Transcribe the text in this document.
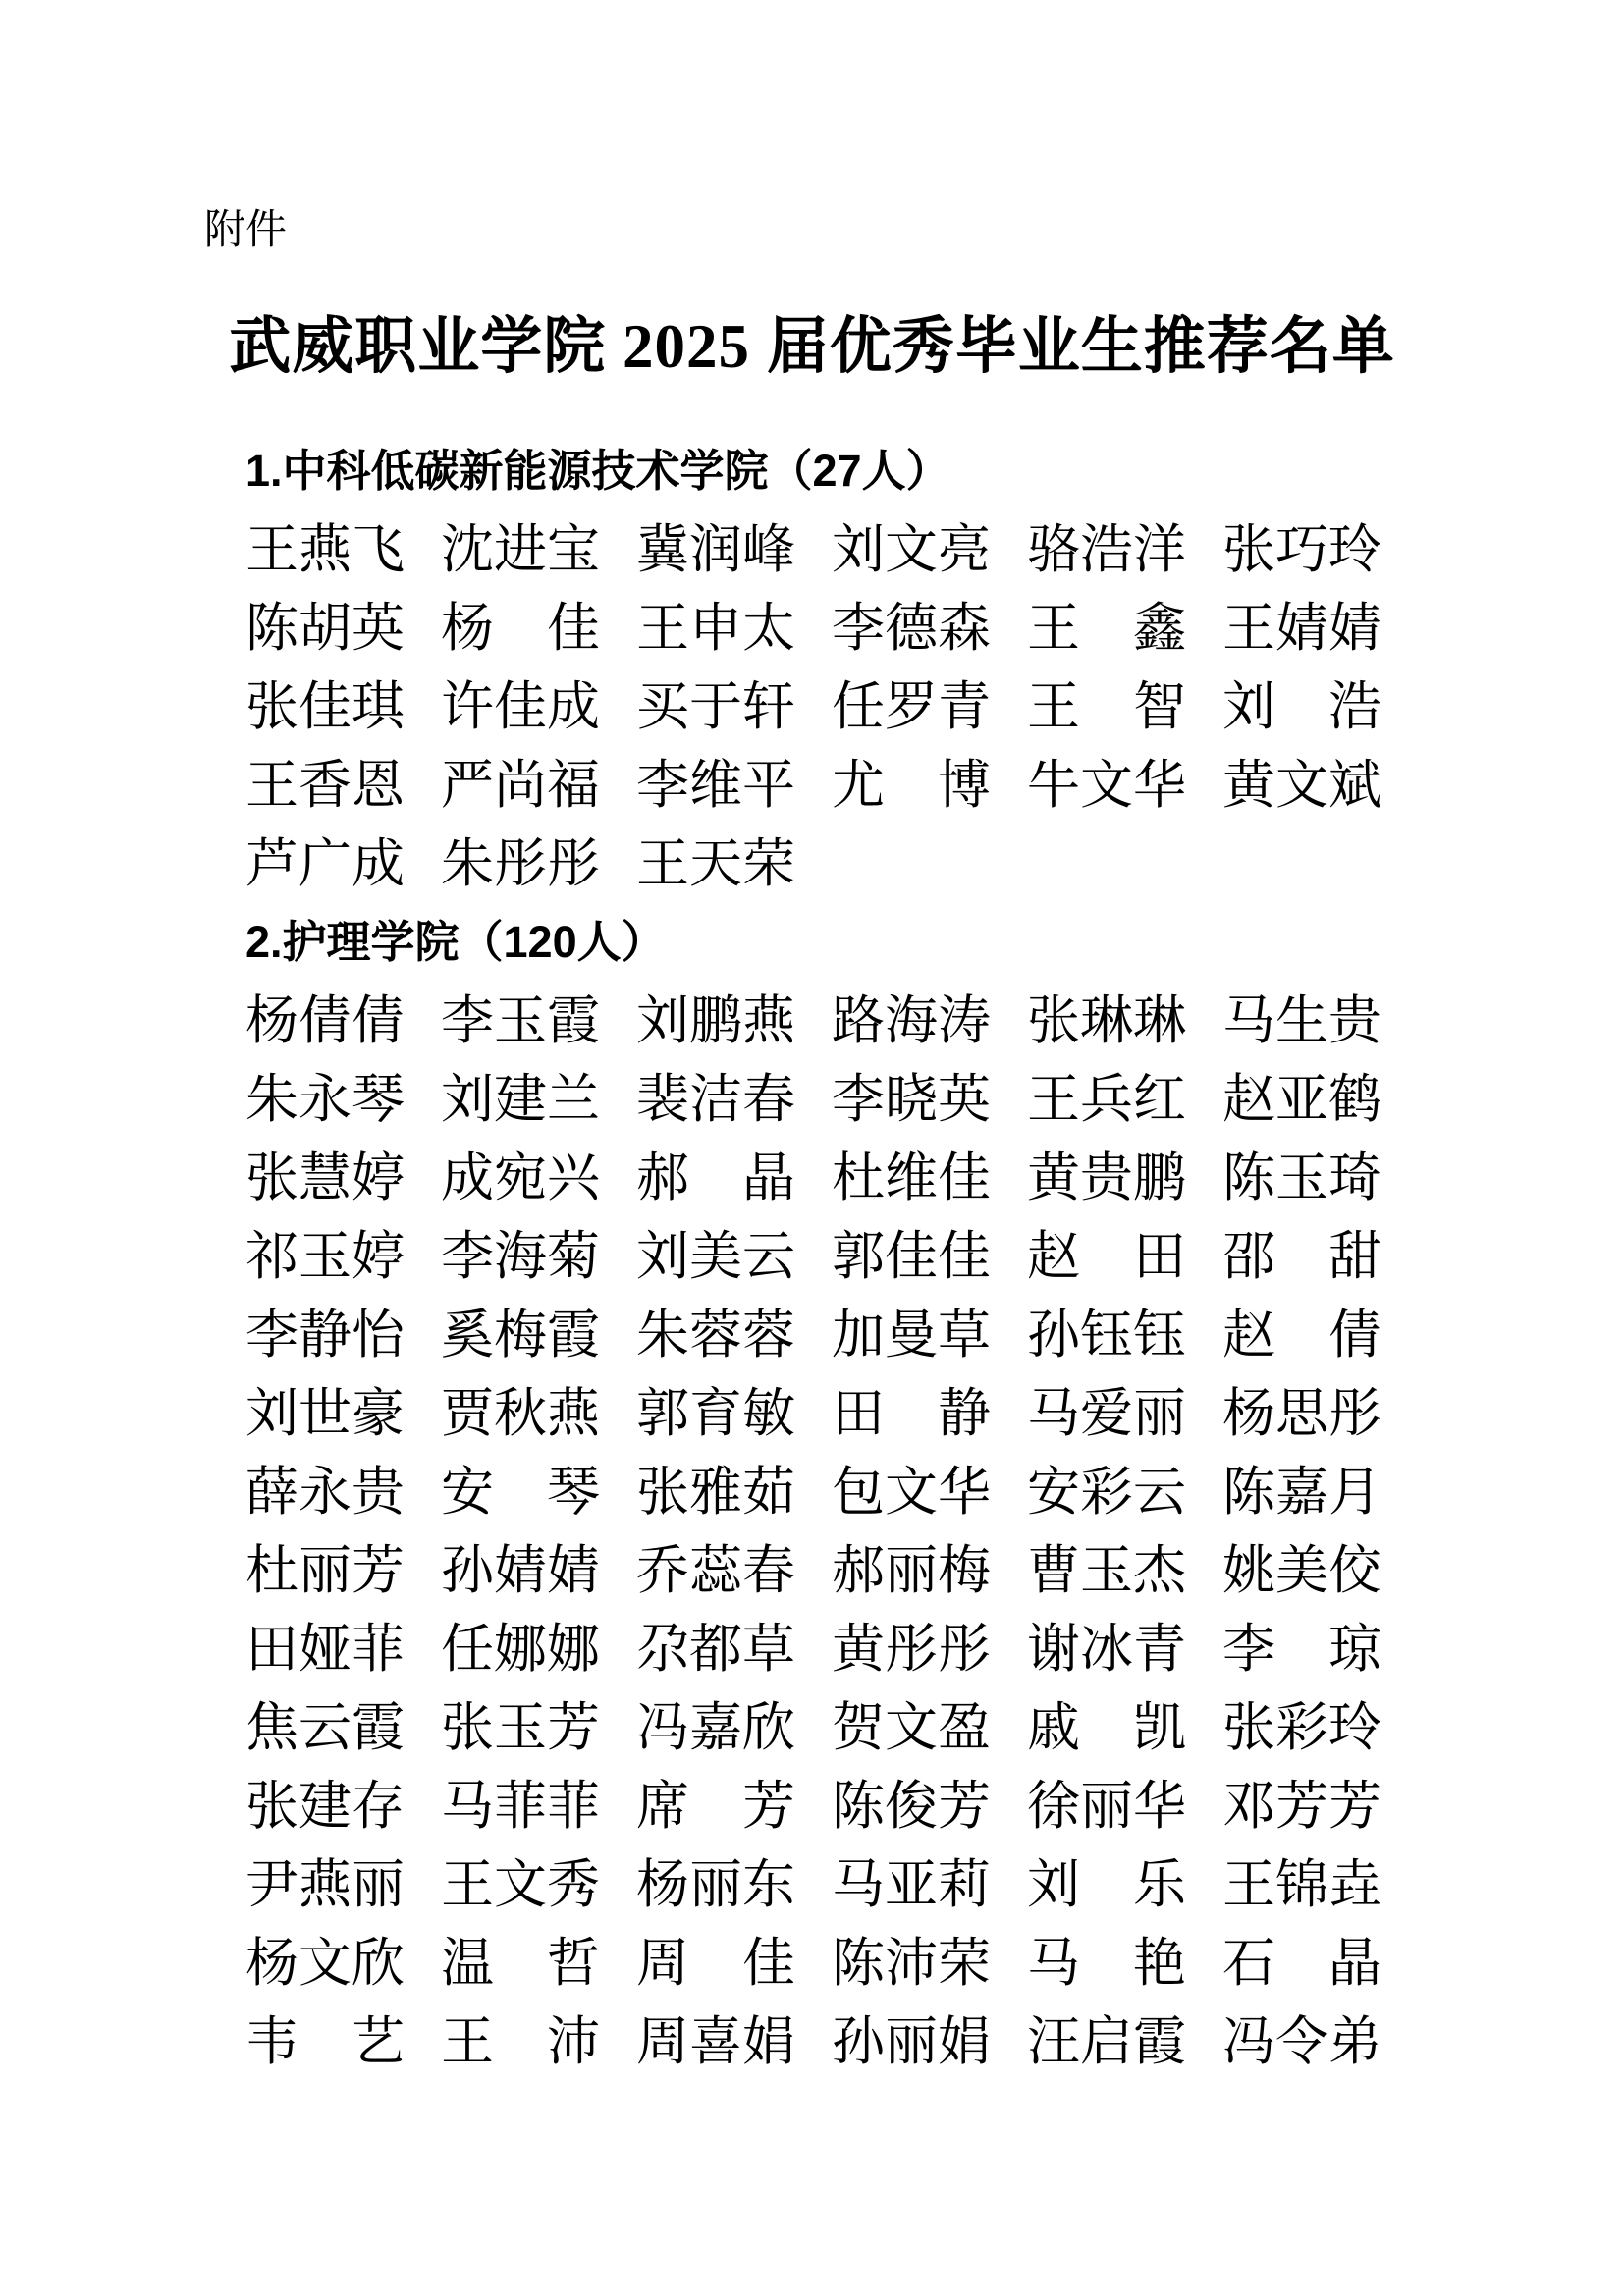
附件
武威职业学院 2025 届优秀毕业生推荐名单
1.中科低碳新能源技术学院（27人）
王燕飞 沈进宝 冀润峰 刘文亮 骆浩洋 张巧玲
陈胡英 杨　佳 王申太 李德森 王　鑫 王婧婧
张佳琪 许佳成 买于轩 任罗青 王　智 刘　浩
王香恩 严尚福 李维平 尤　博 牛文华 黄文斌
芦广成 朱彤彤 王天荣
2.护理学院（120人）
杨倩倩 李玉霞 刘鹏燕 路海涛 张琳琳 马生贵
朱永琴 刘建兰 裴洁春 李晓英 王兵红 赵亚鹤
张慧婷 成宛兴 郝　晶 杜维佳 黄贵鹏 陈玉琦
祁玉婷 李海菊 刘美云 郭佳佳 赵　田 邵　甜
李静怡 奚梅霞 朱蓉蓉 加曼草 孙钰钰 赵　倩
刘世豪 贾秋燕 郭育敏 田　静 马爱丽 杨思彤
薛永贵 安　琴 张雅茹 包文华 安彩云 陈嘉月
杜丽芳 孙婧婧 乔蕊春 郝丽梅 曹玉杰 姚美佼
田娅菲 任娜娜 尕都草 黄彤彤 谢冰青 李　琼
焦云霞 张玉芳 冯嘉欣 贺文盈 戚　凯 张彩玲
张建存 马菲菲 席　芳 陈俊芳 徐丽华 邓芳芳
尹燕丽 王文秀 杨丽东 马亚莉 刘　乐 王锦垚
杨文欣 温　哲 周　佳 陈沛荣 马　艳 石　晶
韦　艺 王　沛 周喜娟 孙丽娟 汪启霞 冯令弟
